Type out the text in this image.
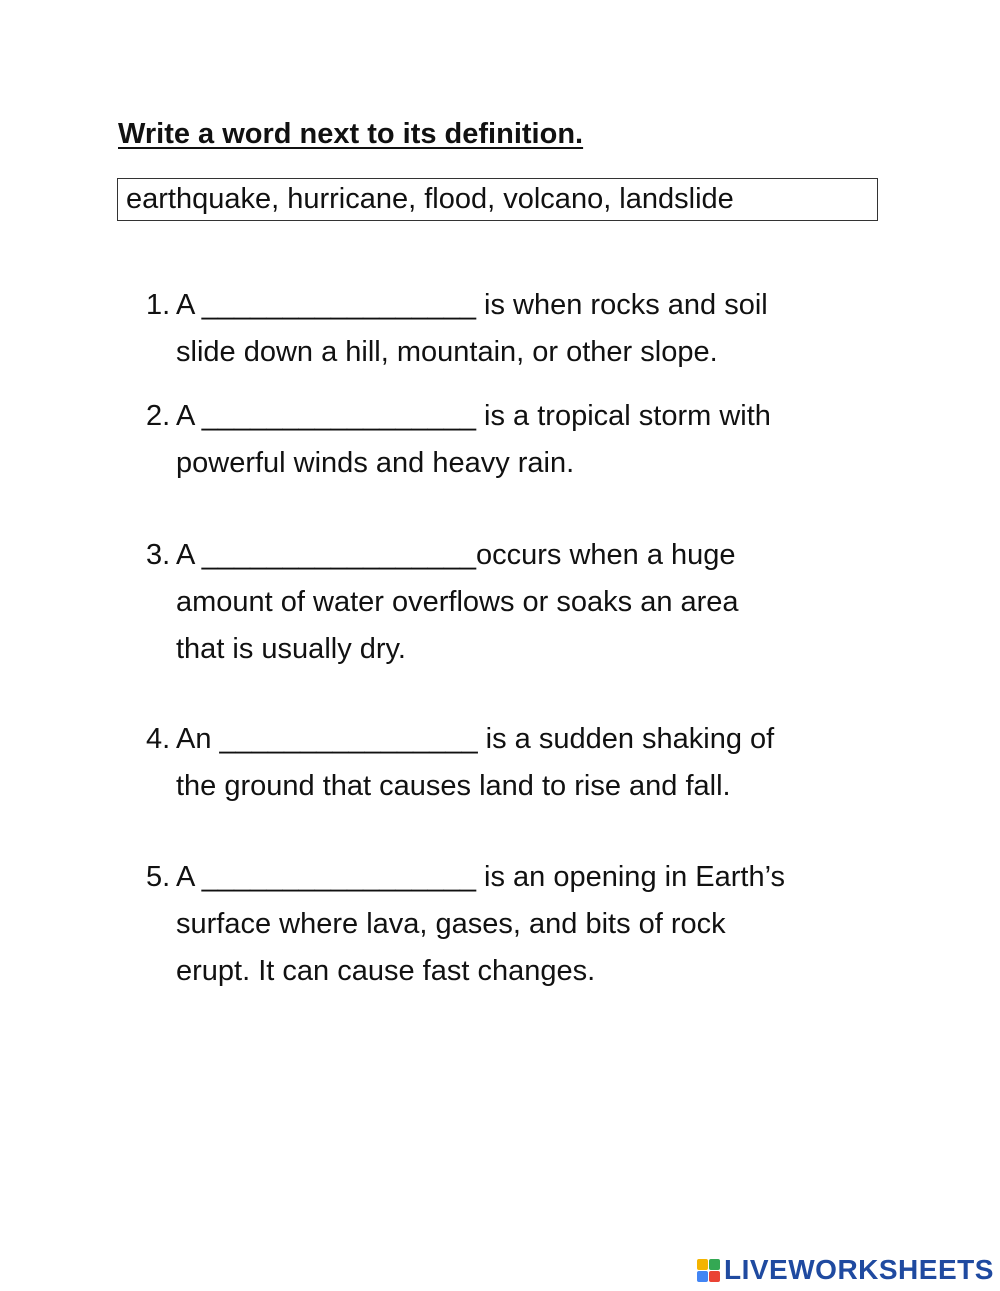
Write a word next to its definition.
earthquake, hurricane, flood, volcano, landslide
1. A _________________ is when rocks and soil
slide down a hill, mountain, or other slope.
2. A _________________ is a tropical storm with
powerful winds and heavy rain.
3. A _________________occurs when a huge
amount of water overflows or soaks an area
that is usually dry.
4. An ________________ is a sudden shaking of
the ground that causes land to rise and fall.
5. A _________________ is an opening in Earth’s
surface where lava, gases, and bits of rock
erupt. It can cause fast changes.
LIVEWORKSHEETS
